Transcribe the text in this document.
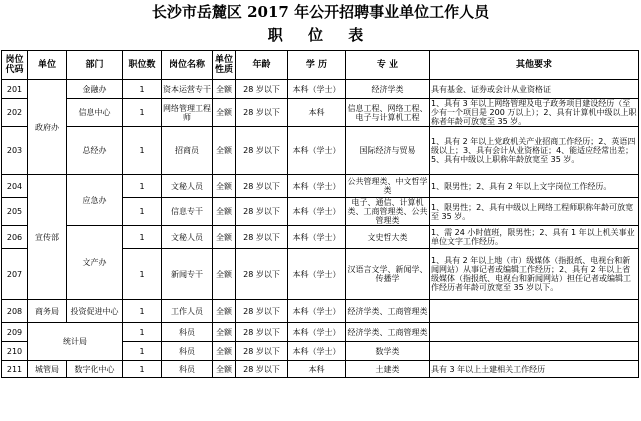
长沙市岳麓区 2017 年公开招聘事业单位工作人员
职 位 表
岗位代码	单位	部门	职位数	岗位名称	单位性质	年龄	学 历	专 业	其他要求
201	政府办	金融办	1	资本运营专干	全额	28 岁以下	本科（学士）	经济学类	具有基金、证券或会计从业资格证
202		信息中心	1	网络管理工程师	全额	28 岁以下	本科	信息工程、网络工程、电子与计算机工程	1、具有 3 年以上网络管理及电子政务项目建设经历（至少有一个项目是 200 万以上）；2、具有计算机中级以上职称者年龄可放宽至 35 岁。
203		总经办	1	招商员	全额	28 岁以下	本科（学士）	国际经济与贸易	1、具有 2 年以上党政机关产业招商工作经历；2、英语四级以上；3、具有会计从业资格证；4、能适应经常出差；5、具有中级以上职称年龄放宽至 35 岁。
204	宣传部	应急办	1	文秘人员	全额	28 岁以下	本科（学士）	公共管理类、中文哲学类	1、限男性；2、具有 2 年以上文字岗位工作经历。
205			1	信息专干	全额	28 岁以下	本科（学士）	电子、通信、计算机类、工商管理类、公共管理类	1、限男性；2、具有中级以上网络工程师职称年龄可放宽至 35 岁。
206		文产办	1	文秘人员	全额	28 岁以下	本科（学士）	文史哲大类	1、需 24 小时值班，限男性；2、具有 1 年以上机关事业单位文字工作经历。
207			1	新闻专干	全额	28 岁以下	本科（学士）	汉语言文学、新闻学、传播学	1、具有 2 年以上地（市）级媒体（指报纸、电视台和新闻网站）从事记者或编辑工作经历；2、具有 2 年以上省级媒体（指报纸、电视台和新闻网站）担任记者或编辑工作经历者年龄可放宽至 35 岁以下。
208	商务局	投资促进中心	1	工作人员	全额	28 岁以下	本科（学士）	经济学类、工商管理类	
209	统计局		1	科员	全额	28 岁以下	本科（学士）	经济学类、工商管理类	
210			1	科员	全额	28 岁以下	本科（学士）	数学类	
211	城管局	数字化中心	1	科员	全额	28 岁以下	本科	土建类	具有 3 年以上土建相关工作经历
